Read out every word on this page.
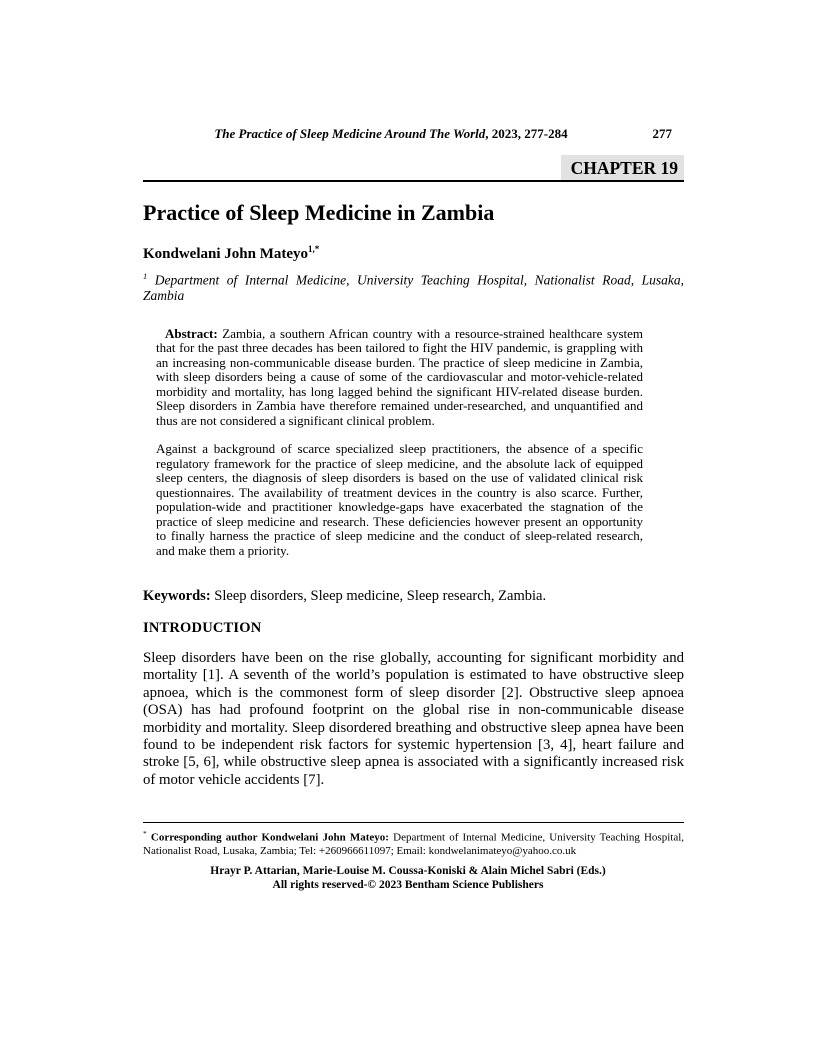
The Practice of Sleep Medicine Around The World, 2023, 277-284	277
CHAPTER 19
Practice of Sleep Medicine in Zambia
Kondwelani John Mateyo$^{1,*}$
$^1$ Department of Internal Medicine, University Teaching Hospital, Nationalist Road, Lusaka, Zambia

Abstract: Zambia, a southern African country with a resource-strained healthcare system that for the past three decades has been tailored to fight the HIV pandemic, is grappling with an increasing non-communicable disease burden. The practice of sleep medicine in Zambia, with sleep disorders being a cause of some of the cardiovascular and motor-vehicle-related morbidity and mortality, has long lagged behind the significant HIV-related disease burden. Sleep disorders in Zambia have therefore remained under-researched, and unquantified and thus are not considered a significant clinical problem.

Against a background of scarce specialized sleep practitioners, the absence of a specific regulatory framework for the practice of sleep medicine, and the absolute lack of equipped sleep centers, the diagnosis of sleep disorders is based on the use of validated clinical risk questionnaires. The availability of treatment devices in the country is also scarce. Further, population-wide and practitioner knowledge-gaps have exacerbated the stagnation of the practice of sleep medicine and research. These deficiencies however present an opportunity to finally harness the practice of sleep medicine and the conduct of sleep-related research, and make them a priority.

Keywords: Sleep disorders, Sleep medicine, Sleep research, Zambia.
INTRODUCTION
Sleep disorders have been on the rise globally, accounting for significant morbidity and mortality [1]. A seventh of the world’s population is estimated to have obstructive sleep apnoea, which is the commonest form of sleep disorder [2]. Obstructive sleep apnoea (OSA) has had profound footprint on the global rise in non-communicable disease morbidity and mortality. Sleep disordered breathing and obstructive sleep apnea have been found to be independent risk factors for systemic hypertension [3, 4], heart failure and stroke [5, 6], while obstructive sleep apnea is associated with a significantly increased risk of motor vehicle accidents [7].
* Corresponding author Kondwelani John Mateyo: Department of Internal Medicine, University Teaching Hospital, Nationalist Road, Lusaka, Zambia; Tel: +260966611097; Email: kondwelanimateyo@yahoo.co.uk
Hrayr P. Attarian, Marie-Louise M. Coussa-Koniski & Alain Michel Sabri (Eds.)
All rights reserved-© 2023 Bentham Science Publishers
